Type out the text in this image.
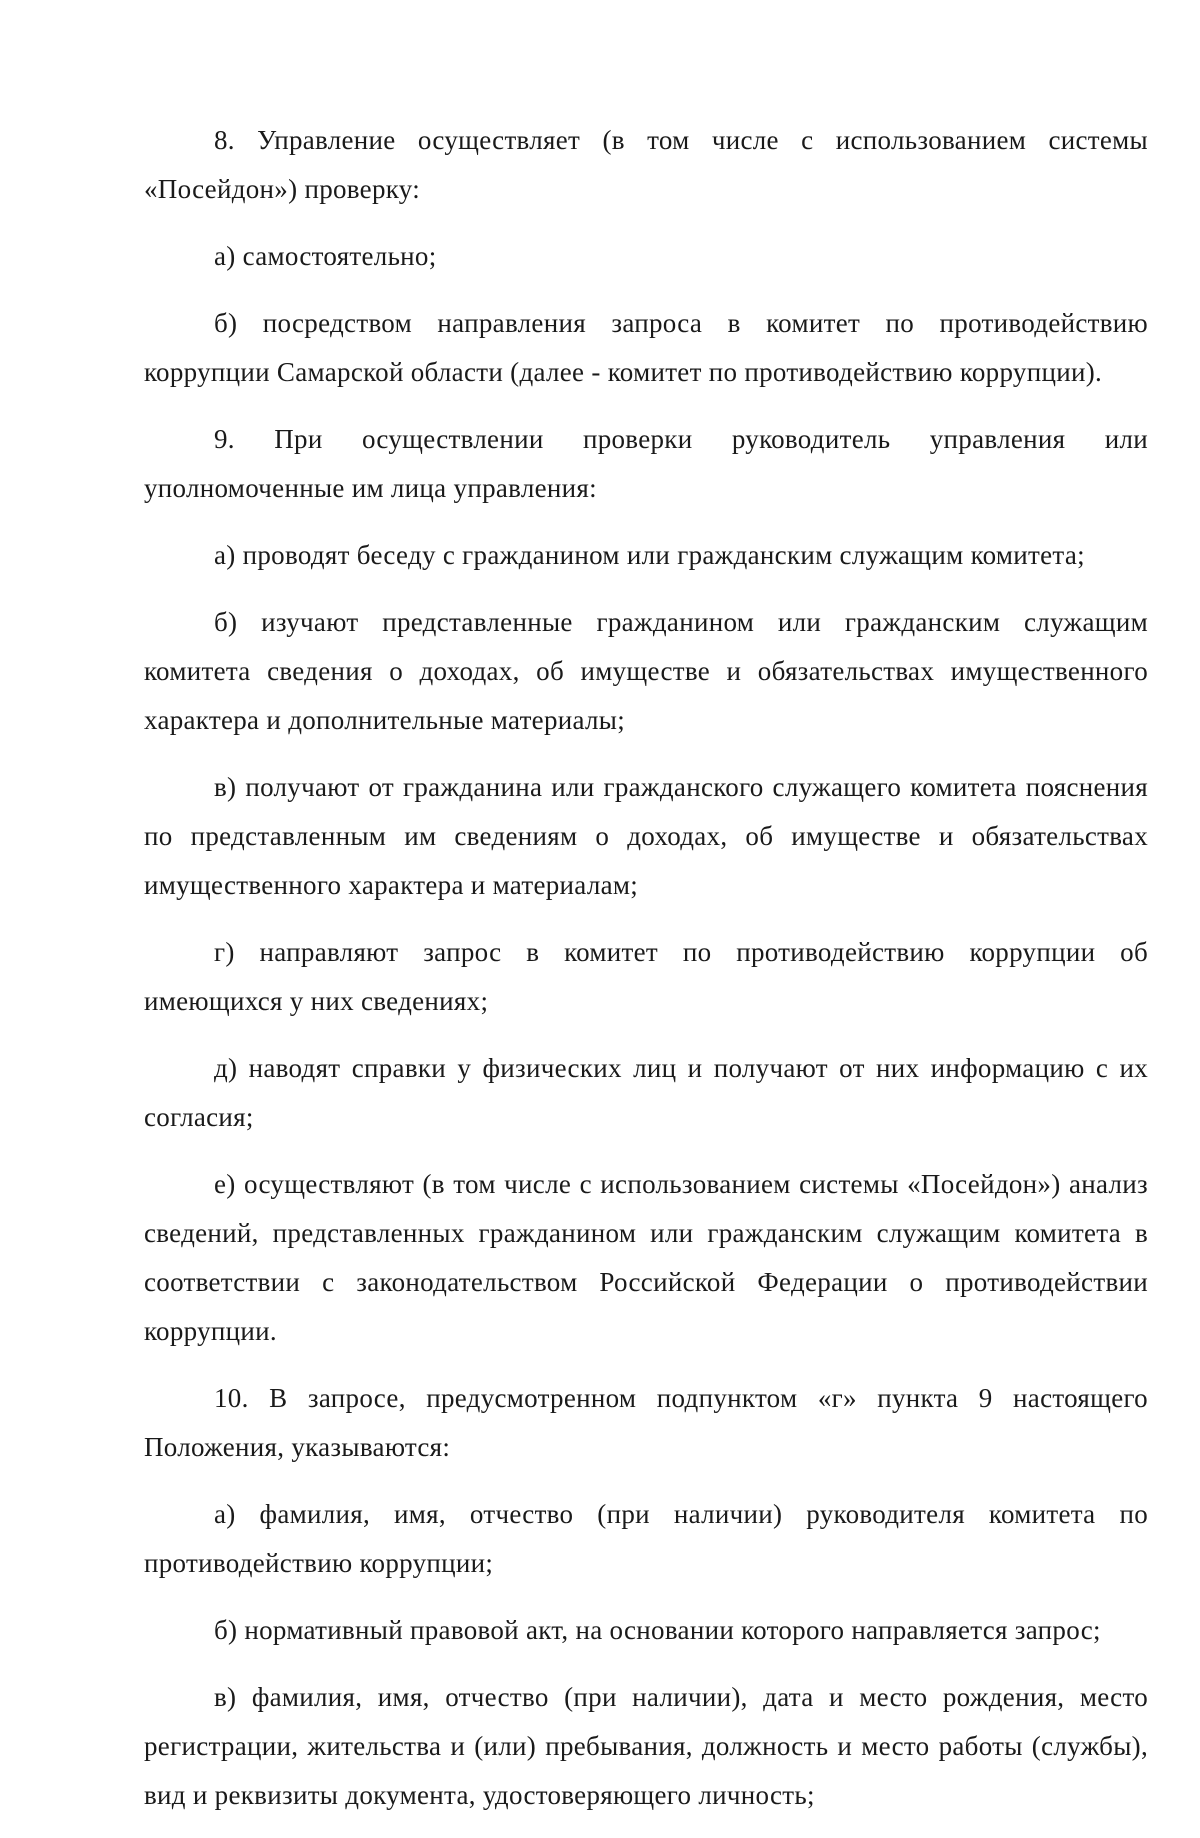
8. Управление осуществляет (в том числе с использованием системы «Посейдон») проверку:

а) самостоятельно;

б) посредством направления запроса в комитет по противодействию коррупции Самарской области (далее - комитет по противодействию коррупции).

9. При осуществлении проверки руководитель управления или уполномоченные им лица управления:

а) проводят беседу с гражданином или гражданским служащим комитета;

б) изучают представленные гражданином или гражданским служащим комитета сведения о доходах, об имуществе и обязательствах имущественного характера и дополнительные материалы;

в) получают от гражданина или гражданского служащего комитета пояснения по представленным им сведениям о доходах, об имуществе и обязательствах имущественного характера и материалам;

г) направляют запрос в комитет по противодействию коррупции об имеющихся у них сведениях;

д) наводят справки у физических лиц и получают от них информацию с их согласия;

е) осуществляют (в том числе с использованием системы «Посейдон») анализ сведений, представленных гражданином или гражданским служащим комитета в соответствии с законодательством Российской Федерации о противодействии коррупции.

10. В запросе, предусмотренном подпунктом «г» пункта 9 настоящего Положения, указываются:

а) фамилия, имя, отчество (при наличии) руководителя комитета по противодействию коррупции;

б) нормативный правовой акт, на основании которого направляется запрос;

в) фамилия, имя, отчество (при наличии), дата и место рождения, место регистрации, жительства и (или) пребывания, должность и место работы (службы), вид и реквизиты документа, удостоверяющего личность;
